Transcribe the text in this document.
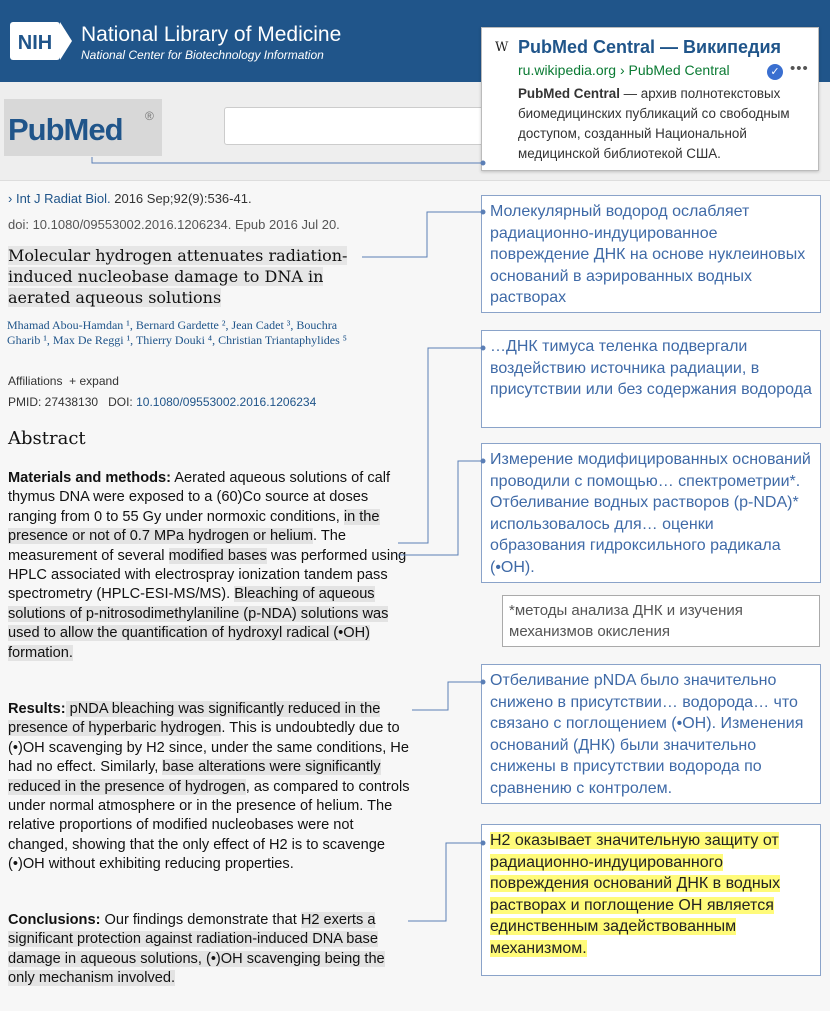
NIH National Library of Medicine
National Center for Biotechnology Information
PubMed ®
› Int J Radiat Biol. 2016 Sep;92(9):536-41.
doi: 10.1080/09553002.2016.1206234. Epub 2016 Jul 20.
Molecular hydrogen attenuates radiation-induced nucleobase damage to DNA in aerated aqueous solutions
Mhamad Abou-Hamdan ¹, Bernard Gardette ², Jean Cadet ³, Bouchra Gharib ¹, Max De Reggi ¹, Thierry Douki ⁴, Christian Triantaphylides ⁵
Affiliations + expand
PMID: 27438130 DOI: 10.1080/09553002.2016.1206234
Abstract
Materials and methods: Aerated aqueous solutions of calf thymus DNA were exposed to a (60)Co source at doses ranging from 0 to 55 Gy under normoxic conditions, in the presence or not of 0.7 MPa hydrogen or helium. The measurement of several modified bases was performed using HPLC associated with electrospray ionization tandem pass spectrometry (HPLC-ESI-MS/MS). Bleaching of aqueous solutions of p-nitrosodimethylaniline (p-NDA) solutions was used to allow the quantification of hydroxyl radical (•OH) formation.
Results: pNDA bleaching was significantly reduced in the presence of hyperbaric hydrogen. This is undoubtedly due to (•)OH scavenging by H2 since, under the same conditions, He had no effect. Similarly, base alterations were significantly reduced in the presence of hydrogen, as compared to controls under normal atmosphere or in the presence of helium. The relative proportions of modified nucleobases were not changed, showing that the only effect of H2 is to scavenge (•)OH without exhibiting reducing properties.
Conclusions: Our findings demonstrate that H2 exerts a significant protection against radiation-induced DNA base damage in aqueous solutions, (•)OH scavenging being the only mechanism involved.
W PubMed Central — Википедия
ru.wikipedia.org › PubMed Central	✓ •••
PubMed Central — архив полнотекстовых биомедицинских публикаций со свободным доступом, созданный Национальной медицинской библиотекой США.
Молекулярный водород ослабляет радиационно-индуцированное повреждение ДНК на основе нуклеиновых оснований в аэрированных водных растворах
…ДНК тимуса теленка подвергали воздействию источника радиации, в присутствии или без содержания водорода
Измерение модифицированных оснований проводили с помощью… спектрометрии*. Отбеливание водных растворов (p-NDA)* использовалось для… оценки образования гидроксильного радикала (•OH).
*методы анализа ДНК и изучения механизмов окисления
Отбеливание pNDA было значительно снижено в присутствии… водорода… что связано с поглощением (•OH). Изменения оснований (ДНК) были значительно снижены в присутствии водорода по сравнению с контролем.
H2 оказывает значительную защиту от радиационно-индуцированного повреждения оснований ДНК в водных растворах и поглощение OH является единственным задействованным механизмом.
